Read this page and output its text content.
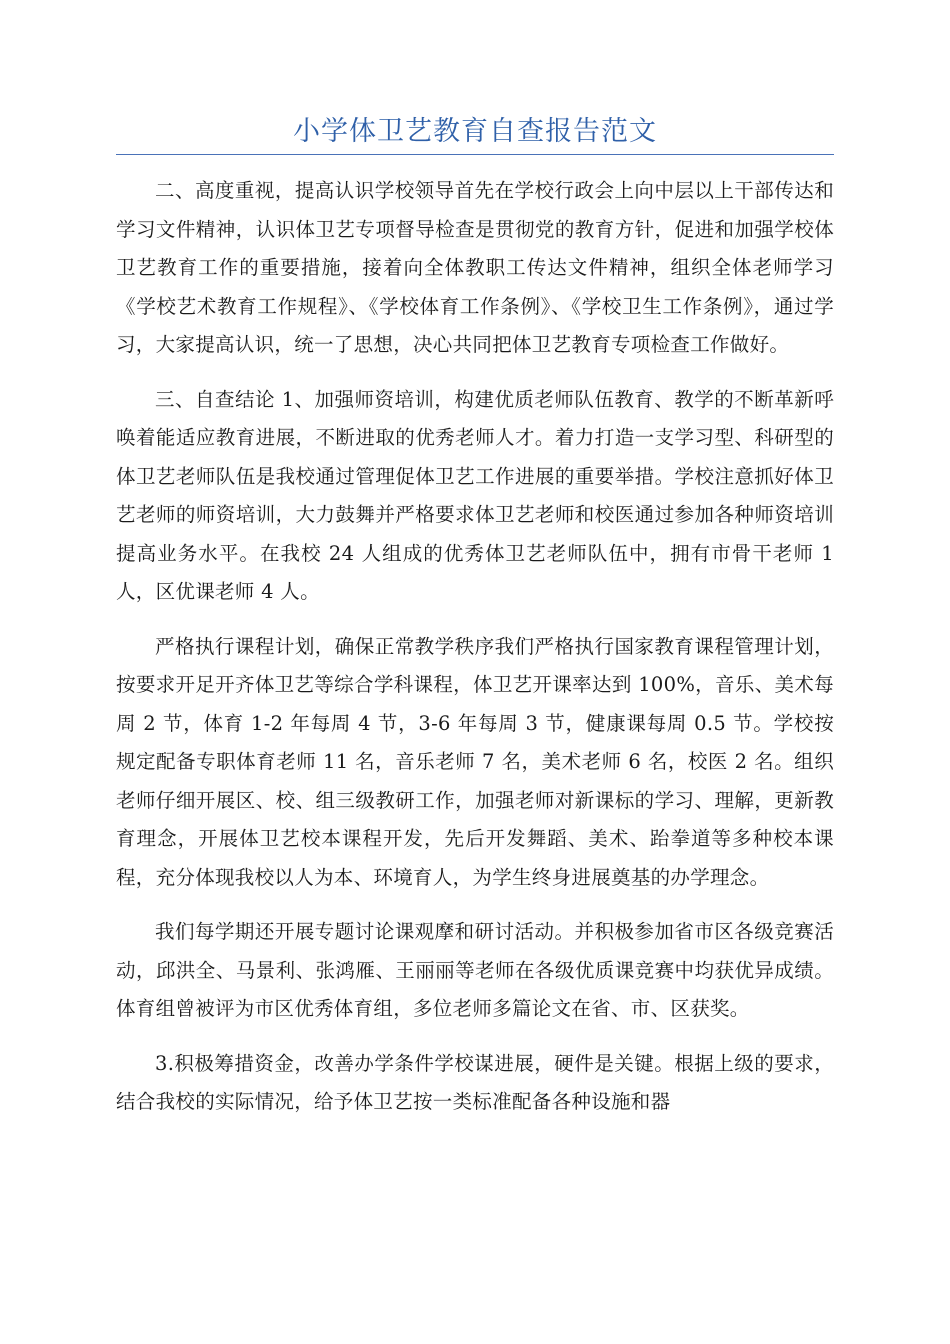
小学体卫艺教育自查报告范文

二、高度重视，提高认识学校领导首先在学校行政会上向中层以上干部传达和学习文件精神，认识体卫艺专项督导检查是贯彻党的教育方针，促进和加强学校体卫艺教育工作的重要措施，接着向全体教职工传达文件精神，组织全体老师学习《学校艺术教育工作规程》、《学校体育工作条例》、《学校卫生工作条例》，通过学习，大家提高认识，统一了思想，决心共同把体卫艺教育专项检查工作做好。

三、自查结论 1、加强师资培训，构建优质老师队伍教育、教学的不断革新呼唤着能适应教育进展，不断进取的优秀老师人才。着力打造一支学习型、科研型的体卫艺老师队伍是我校通过管理促体卫艺工作进展的重要举措。学校注意抓好体卫艺老师的师资培训，大力鼓舞并严格要求体卫艺老师和校医通过参加各种师资培训提高业务水平。在我校 24 人组成的优秀体卫艺老师队伍中，拥有市骨干老师 1 人，区优课老师 4 人。

严格执行课程计划，确保正常教学秩序我们严格执行国家教育课程管理计划，按要求开足开齐体卫艺等综合学科课程，体卫艺开课率达到 100%，音乐、美术每周 2 节，体育 1-2 年每周 4 节，3-6 年每周 3 节，健康课每周 0.5 节。学校按规定配备专职体育老师 11 名，音乐老师 7 名，美术老师 6 名，校医 2 名。组织老师仔细开展区、校、组三级教研工作，加强老师对新课标的学习、理解，更新教育理念，开展体卫艺校本课程开发，先后开发舞蹈、美术、跆拳道等多种校本课程，充分体现我校以人为本、环境育人，为学生终身进展奠基的办学理念。

我们每学期还开展专题讨论课观摩和研讨活动。并积极参加省市区各级竞赛活动，邱洪全、马景利、张鸿雁、王丽丽等老师在各级优质课竞赛中均获优异成绩。体育组曾被评为市区优秀体育组，多位老师多篇论文在省、市、区获奖。

3.积极筹措资金，改善办学条件学校谋进展，硬件是关键。根据上级的要求，结合我校的实际情况，给予体卫艺按一类标准配备各种设施和器
